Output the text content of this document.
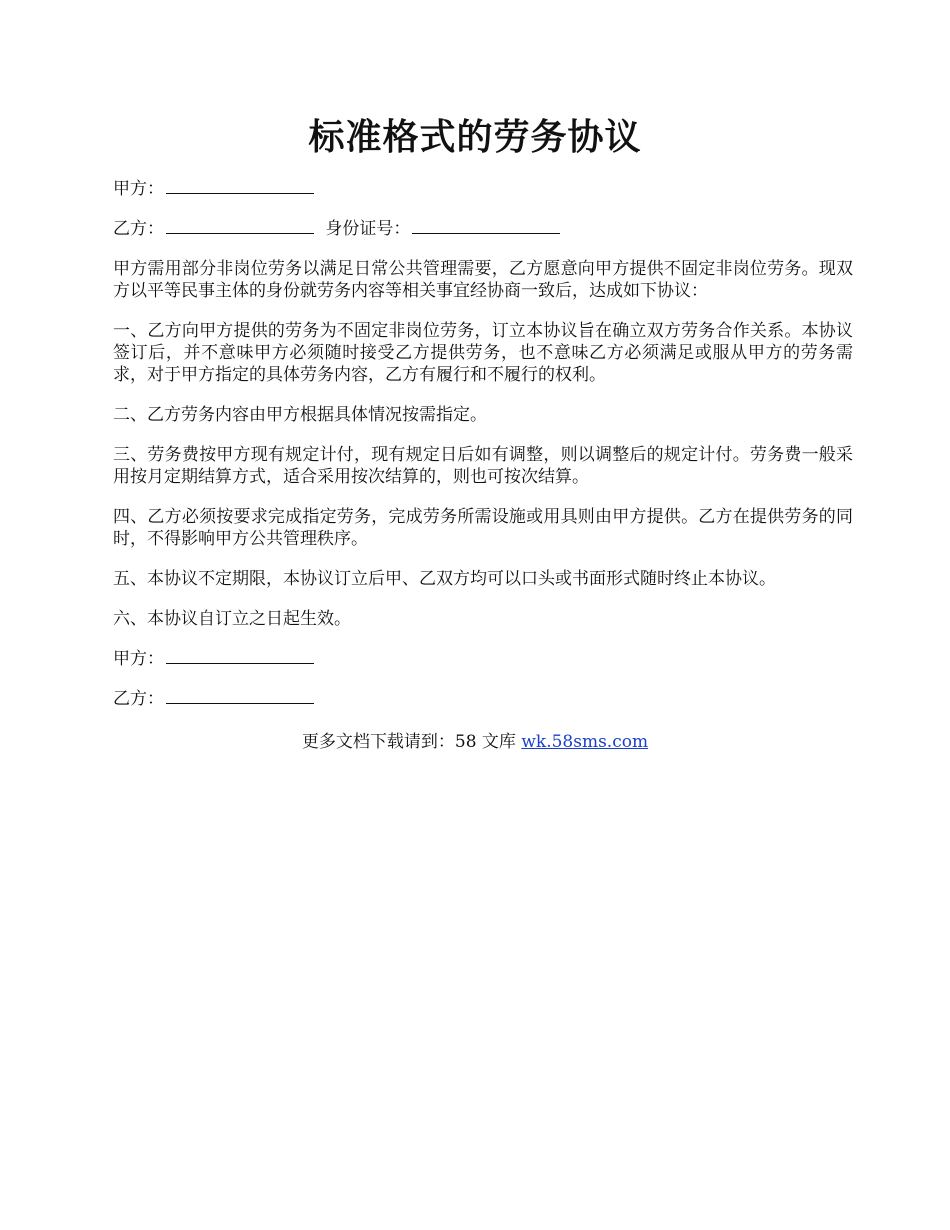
标准格式的劳务协议

甲方：

乙方：	身份证号：

甲方需用部分非岗位劳务以满足日常公共管理需要，乙方愿意向甲方提供不固定非岗位劳务。现双方以平等民事主体的身份就劳务内容等相关事宜经协商一致后，达成如下协议：

一、乙方向甲方提供的劳务为不固定非岗位劳务，订立本协议旨在确立双方劳务合作关系。本协议签订后，并不意味甲方必须随时接受乙方提供劳务，也不意味乙方必须满足或服从甲方的劳务需求，对于甲方指定的具体劳务内容，乙方有履行和不履行的权利。

二、乙方劳务内容由甲方根据具体情况按需指定。

三、劳务费按甲方现有规定计付，现有规定日后如有调整，则以调整后的规定计付。劳务费一般采用按月定期结算方式，适合采用按次结算的，则也可按次结算。

四、乙方必须按要求完成指定劳务，完成劳务所需设施或用具则由甲方提供。乙方在提供劳务的同时，不得影响甲方公共管理秩序。

五、本协议不定期限，本协议订立后甲、乙双方均可以口头或书面形式随时终止本协议。

六、本协议自订立之日起生效。

甲方：

乙方：

更多文档下载请到：58 文库 wk.58sms.com
